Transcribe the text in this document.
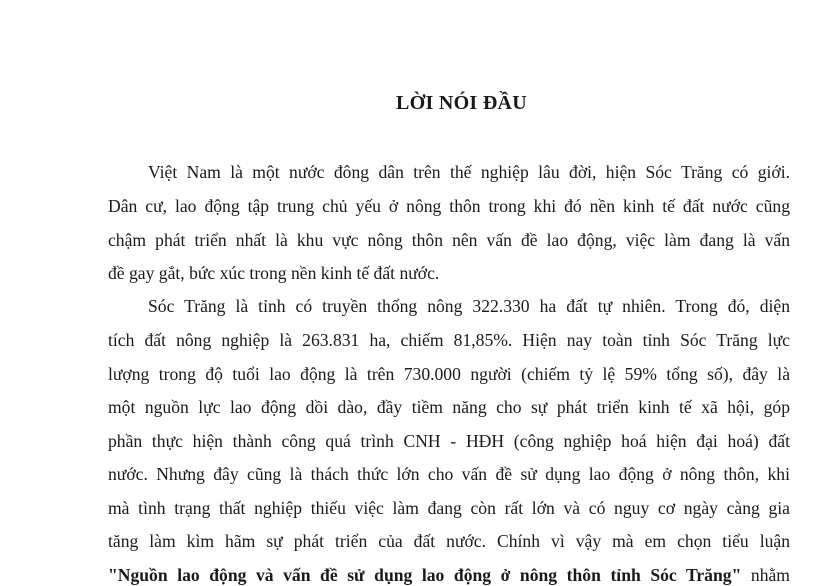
LỜI NÓI ĐẦU
Việt Nam là một nước đông dân trên thế nghiệp lâu đời, hiện Sóc Trăng có giới.
Dân cư, lao động tập trung chủ yếu ở nông thôn trong khi đó nền kinh tế đất nước cũng
chậm phát triển nhất là khu vực nông thôn nên vấn đề lao động, việc làm đang là vấn
đề gay gắt, bức xúc trong nền kinh tế đất nước.
Sóc Trăng là tỉnh có truyền thống nông 322.330 ha đất tự nhiên. Trong đó, diện
tích đất nông nghiệp là 263.831 ha, chiếm 81,85%. Hiện nay toàn tỉnh Sóc Trăng lực
lượng trong độ tuổi lao động là trên 730.000 người (chiếm tỷ lệ 59% tổng số), đây là
một nguồn lực lao động dồi dào, đầy tiềm năng cho sự phát triển kinh tế xã hội, góp
phần thực hiện thành công quá trình CNH - HĐH (công nghiệp hoá hiện đại hoá) đất
nước. Nhưng đây cũng là thách thức lớn cho vấn đề sử dụng lao động ở nông thôn, khi
mà tình trạng thất nghiệp thiếu việc làm đang còn rất lớn và có nguy cơ ngày càng gia
tăng làm kìm hãm sự phát triển của đất nước. Chính vì vậy mà em chọn tiểu luận
"Nguồn lao động và vấn đề sử dụng lao động ở nông thôn tỉnh Sóc Trăng" nhằm
